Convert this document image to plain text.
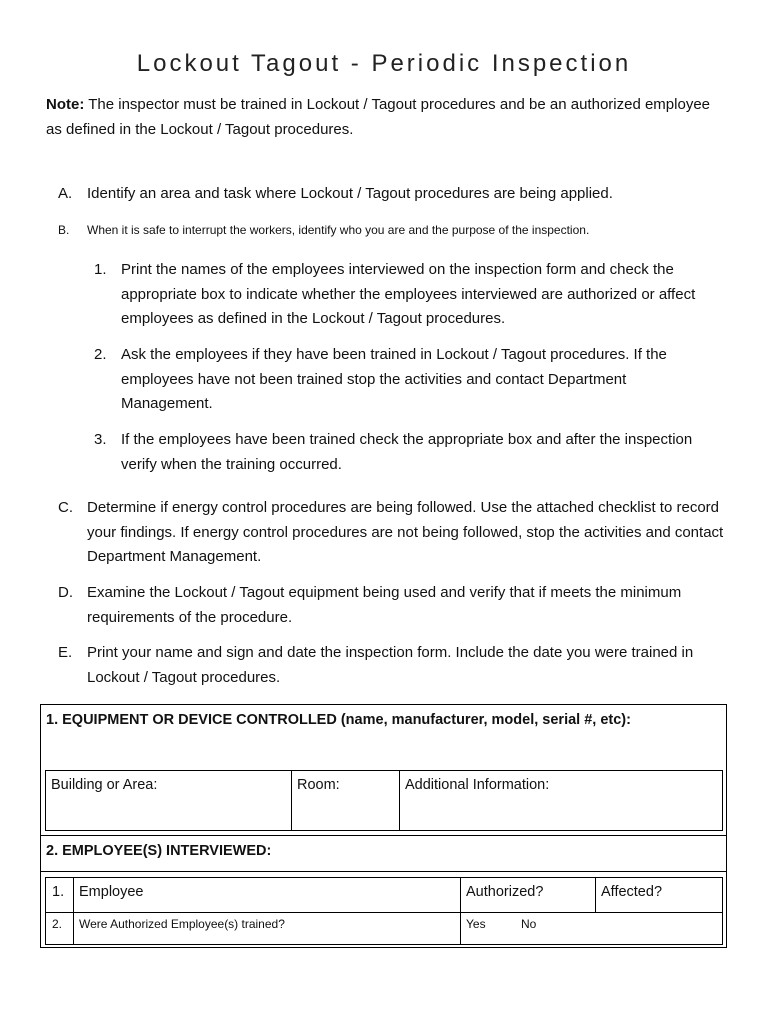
Lockout Tagout - Periodic Inspection
Note: The inspector must be trained in Lockout / Tagout procedures and be an authorized employee as defined in the Lockout / Tagout procedures.
A. Identify an area and task where Lockout / Tagout procedures are being applied.
B. When it is safe to interrupt the workers, identify who you are and the purpose of the inspection.
1. Print the names of the employees interviewed on the inspection form and check the appropriate box to indicate whether the employees interviewed are authorized or affect employees as defined in the Lockout / Tagout procedures.
2. Ask the employees if they have been trained in Lockout / Tagout procedures. If the employees have not been trained stop the activities and contact Department Management.
3. If the employees have been trained check the appropriate box and after the inspection verify when the training occurred.
C. Determine if energy control procedures are being followed. Use the attached checklist to record your findings. If energy control procedures are not being followed, stop the activities and contact Department Management.
D. Examine the Lockout / Tagout equipment being used and verify that if meets the minimum requirements of the procedure.
E. Print your name and sign and date the inspection form. Include the date you were trained in Lockout / Tagout procedures.
1. EQUIPMENT OR DEVICE CONTROLLED (name, manufacturer, model, serial #, etc):
Building or Area:	Room:	Additional Information:
2. EMPLOYEE(S) INTERVIEWED:
1. Employee	Authorized?	Affected?
2. Were Authorized Employee(s) trained?	Yes	No
